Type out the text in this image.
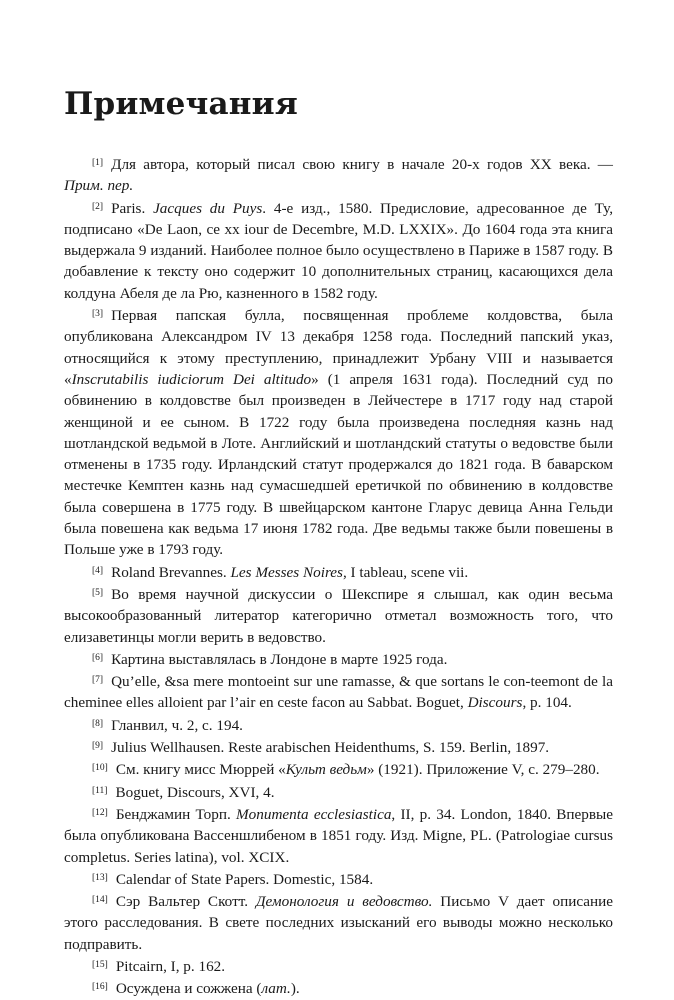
Примечания

[1] Для автора, который писал свою книгу в начале 20-х годов XX века. — Прим. пер.

[2] Paris. Jacques du Puys. 4-е изд., 1580. Предисловие, адресованное де Ту, подписано «De Laon, ce xx iour de Decembre, M.D. LXXIX». До 1604 года эта книга выдержала 9 изданий. Наиболее полное было осуществлено в Париже в 1587 году. В добавление к тексту оно содержит 10 дополнительных страниц, касающихся дела колдуна Абеля де ла Рю, казненного в 1582 году.

[3] Первая папская булла, посвященная проблеме колдовства, была опубликована Александром IV 13 декабря 1258 года. Последний папский указ, относящийся к этому преступлению, принадлежит Урбану VIII и называется «Inscrutabilis iudiciorum Dei altitudo» (1 апреля 1631 года). Последний суд по обвинению в колдовстве был произведен в Лейчестере в 1717 году над старой женщиной и ее сыном. В 1722 году была произведена последняя казнь над шотландской ведьмой в Лоте. Английский и шотландский статуты о ведовстве были отменены в 1735 году. Ирландский статут продержался до 1821 года. В баварском местечке Кемптен казнь над сумасшедшей еретичкой по обвинению в колдовстве была совершена в 1775 году. В швейцарском кантоне Гларус девица Анна Гельди была повешена как ведьма 17 июня 1782 года. Две ведьмы также были повешены в Польше уже в 1793 году.

[4] Roland Brevannes. Les Messes Noires, I tableau, scene vii.

[5] Во время научной дискуссии о Шекспире я слышал, как один весьма высокообразованный литератор категорично отметал возможность того, что елизаветинцы могли верить в ведовство.

[6] Картина выставлялась в Лондоне в марте 1925 года.

[7] Qu’elle, &sa mere montoeint sur une ramasse, & que sortans le con-teemont de la cheminee elles alloient par l’air en ceste facon au Sabbat. Boguet, Discours, p. 104.

[8] Гланвил, ч. 2, с. 194.

[9] Julius Wellhausen. Reste arabischen Heidenthums, S. 159. Berlin, 1897.

[10] См. книгу мисс Мюррей «Культ ведьм» (1921). Приложение V, с. 279–280.

[11] Boguet, Discours, XVI, 4.

[12] Бенджамин Торп. Monumenta ecclesiastica, II, p. 34. London, 1840. Впервые была опубликована Вассеншлибеном в 1851 году. Изд. Migne, PL. (Patrologiae cursus completus. Series latina), vol. XCIX.

[13] Calendar of State Papers. Domestic, 1584.

[14] Сэр Вальтер Скотт. Демонология и ведовство. Письмо V дает описание этого расследования. В свете последних изысканий его выводы можно несколько подправить.

[15] Pitcairn, I, p. 162.

[16] Осуждена и сожжена (лат.).
